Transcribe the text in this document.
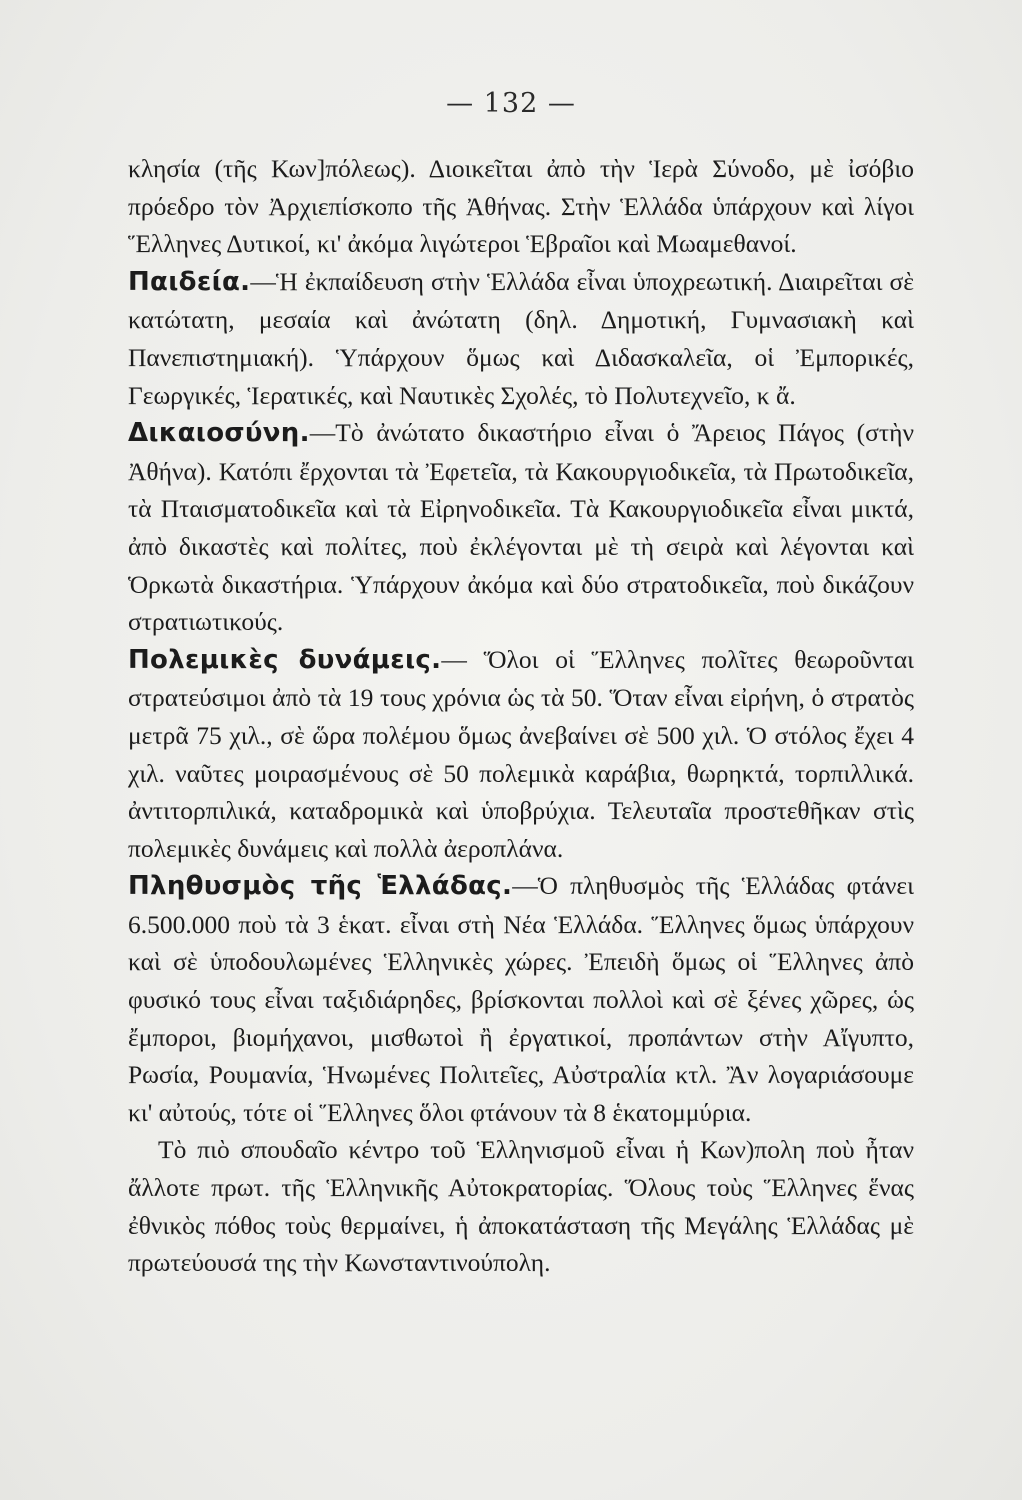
— 132 —

κλησία (τῆς Κων]πόλεως). Διοικεῖται ἀπὸ τὴν Ἱερὰ Σύνοδο, μὲ ἰσόβιο πρόεδρο τὸν Ἀρχιεπίσκοπο τῆς Ἀθήνας. Στὴν Ἑλλάδα ὑπάρχουν καὶ λίγοι Ἕλληνες Δυτικοί, κι' ἀκόμα λιγώτεροι Ἑβραῖοι καὶ Μωαμεθανοί.

Παιδεία.—Ἡ ἐκπαίδευση στὴν Ἑλλάδα εἶναι ὑποχρεωτική. Διαιρεῖται σὲ κατώτατη, μεσαία καὶ ἀνώτατη (δηλ. Δημοτική, Γυμνασιακὴ καὶ Πανεπιστημιακή). Ὑπάρχουν ὅμως καὶ Διδασκαλεῖα, οἱ Ἐμπορικές, Γεωργικές, Ἱερατικές, καὶ Ναυτικὲς Σχολές, τὸ Πολυτεχνεῖο, κ ἄ.

Δικαιοσύνη.—Τὸ ἀνώτατο δικαστήριο εἶναι ὁ Ἄρειος Πάγος (στὴν Ἀθήνα). Κατόπι ἔρχονται τὰ Ἐφετεῖα, τὰ Κακουργιοδικεῖα, τὰ Πρωτοδικεῖα, τὰ Πταισματοδικεῖα καὶ τὰ Εἰρηνοδικεῖα. Τὰ Κακουργιοδικεῖα εἶναι μικτά, ἀπὸ δικαστὲς καὶ πολίτες, ποὺ ἐκλέγονται μὲ τὴ σειρὰ καὶ λέγονται καὶ Ὁρκωτὰ δικαστήρια. Ὑπάρχουν ἀκόμα καὶ δύο στρατοδικεῖα, ποὺ δικάζουν στρατιωτικούς.

Πολεμικὲς δυνάμεις.— Ὅλοι οἱ Ἕλληνες πολῖτες θεωροῦνται στρατεύσιμοι ἀπὸ τὰ 19 τους χρόνια ὡς τὰ 50. Ὅταν εἶναι εἰρήνη, ὁ στρατὸς μετρᾶ 75 χιλ., σὲ ὥρα πολέμου ὅμως ἀνεβαίνει σὲ 500 χιλ. Ὁ στόλος ἔχει 4 χιλ. ναῦτες μοιρασμένους σὲ 50 πολεμικὰ καράβια, θωρηκτά, τορπιλλικά. ἀντιτορπιλικά, καταδρομικὰ καὶ ὑποβρύχια. Τελευταῖα προστεθῆκαν στὶς πολεμικὲς δυνάμεις καὶ πολλὰ ἀεροπλάνα.

Πληθυσμὸς τῆς Ἑλλάδας.—Ὁ πληθυσμὸς τῆς Ἑλλάδας φτάνει 6.500.000 ποὺ τὰ 3 ἑκατ. εἶναι στὴ Νέα Ἑλλάδα. Ἕλληνες ὅμως ὑπάρχουν καὶ σὲ ὑποδουλωμένες Ἑλληνικὲς χώρες. Ἐπειδὴ ὅμως οἱ Ἕλληνες ἀπὸ φυσικό τους εἶναι ταξιδιάρηδες, βρίσκονται πολλοὶ καὶ σὲ ξένες χῶρες, ὡς ἔμποροι, βιομήχανοι, μισθωτοὶ ἢ ἐργατικοί, προπάντων στὴν Αἴγυπτο, Ρωσία, Ρουμανία, Ἡνωμένες Πολιτεῖες, Αὐστραλία κτλ. Ἂν λογαριάσουμε κι' αὐτούς, τότε οἱ Ἕλληνες ὅλοι φτάνουν τὰ 8 ἑκατομμύρια.

Τὸ πιὸ σπουδαῖο κέντρο τοῦ Ἑλληνισμοῦ εἶναι ἡ Κων)πολη ποὺ ἦταν ἄλλοτε πρωτ. τῆς Ἑλληνικῆς Αὐτοκρατορίας. Ὅλους τοὺς Ἕλληνες ἕνας ἐθνικὸς πόθος τοὺς θερμαίνει, ἡ ἀποκατάσταση τῆς Μεγάλης Ἑλλάδας μὲ πρωτεύουσά της τὴν Κωνσταντινούπολη.
